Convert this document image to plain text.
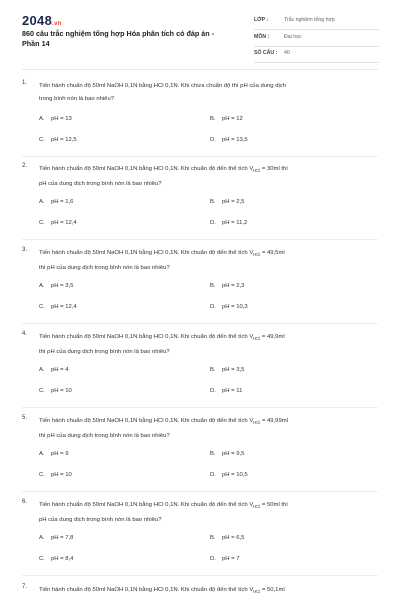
2048.vn
860 câu trắc nghiệm tổng hợp Hóa phân tích có đáp án - Phần 14
LỚP :	Trắc nghiệm tổng hợp
MÔN :	Đại học
SỐ CÂU : 40
1. Tiến hành chuẩn độ 50ml NaOH 0,1N bằng HCl 0,1N. Khi chưa chuẩn độ thì pH của dung dịch
trong bình nón là bao nhiêu?
A. pH = 13	B. pH = 12
C. pH = 12,5	D. pH = 13,5
2. Tiến hành chuẩn độ 50ml NaOH 0,1N bằng HCl 0,1N. Khi chuẩn độ đến thể tích $V_{HCl} = 30ml$ thì
pH của dung dịch trong bình nón là bao nhiêu?
A. pH = 1,6	B. pH = 2,5
C. pH = 12,4	D. pH = 11,2
3. Tiến hành chuẩn độ 50ml NaOH 0,1N bằng HCl 0,1N. Khi chuẩn độ đến thể tích $V_{HCl} = 49,5ml$
thì pH của dung dịch trong bình nón là bao nhiêu?
A. pH = 3,5	B. pH = 2,3
C. pH = 12,4	D. pH = 10,3
4. Tiến hành chuẩn độ 50ml NaOH 0,1N bằng HCl 0,1N. Khi chuẩn độ đến thể tích $V_{HCl} = 49,9ml$
thì pH của dung dịch trong bình nón là bao nhiêu?
A. pH = 4	B. pH = 3,5
C. pH = 10	D. pH = 11
5. Tiến hành chuẩn độ 50ml NaOH 0,1N bằng HCl 0,1N. Khi chuẩn độ đến thể tích $V_{HCl} = 49,99ml$
thì pH của dung dịch trong bình nón là bao nhiêu?
A. pH = 9	B. pH = 9,5
C. pH = 10	D. pH = 10,5
6. Tiến hành chuẩn độ 50ml NaOH 0,1N bằng HCl 0,1N. Khi chuẩn độ đến thể tích $V_{HCl} = 50ml$ thì
pH của dung dịch trong bình nón là bao nhiêu?
A. pH = 7,8	B. pH = 6,5
C. pH = 8,4	D. pH = 7
7. Tiến hành chuẩn độ 50ml NaOH 0,1N bằng HCl 0,1N. Khi chuẩn độ đến thể tích $V_{HCl} = 50,1ml$
